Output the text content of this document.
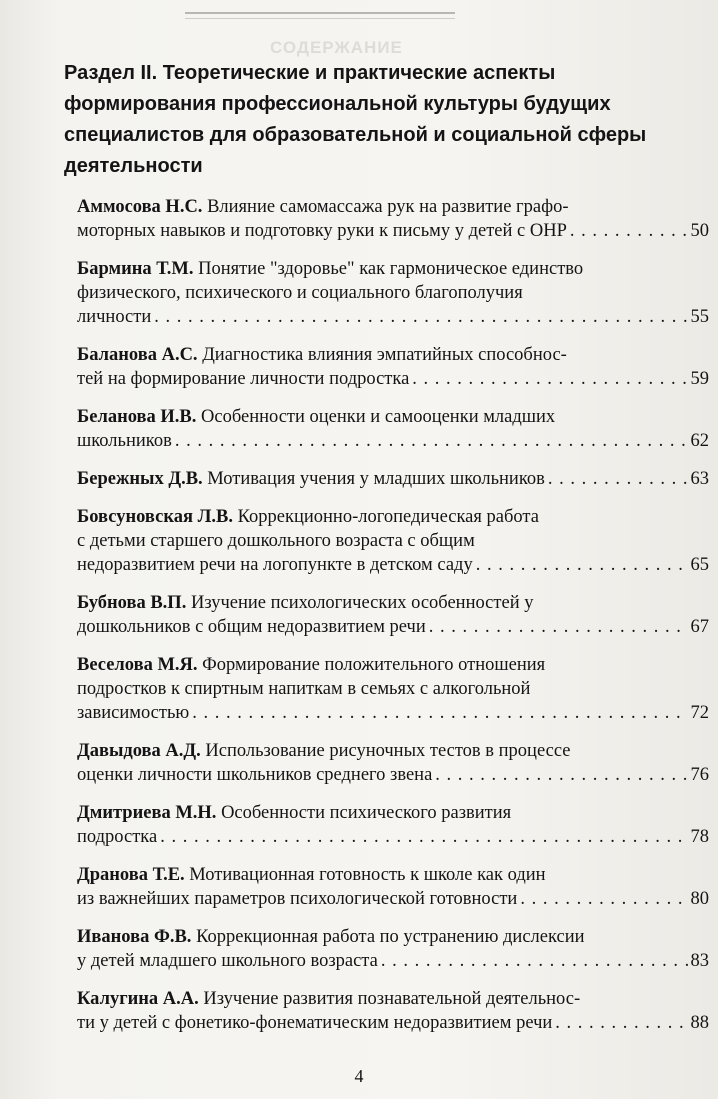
СОДЕРЖАНИЕ
Раздел II. Теоретические и практические аспекты формирования профессиональной культуры будущих специалистов для образовательной и социальной сферы деятельности
Аммосова Н.С. Влияние самомассажа рук на развитие графо-
моторных навыков и подготовку руки к письму у детей с ОНР . . .	50
Бармина Т.М. Понятие "здоровье" как гармоническое единство
физического, психического и социального благополучия
личности . . .	55
Баланова А.С. Диагностика влияния эмпатийных способнос-
тей на формирование личности подростка . . .	59
Беланова И.В. Особенности оценки и самооценки младших
школьников . . .	62
Бережных Д.В. Мотивация учения у младших школьников . . .	63
Бовсуновская Л.В. Коррекционно-логопедическая работа
с детьми старшего дошкольного возраста с общим
недоразвитием речи на логопункте в детском саду . . .	65
Бубнова В.П. Изучение психологических особенностей у
дошкольников с общим недоразвитием речи . . .	67
Веселова М.Я. Формирование положительного отношения
подростков к спиртным напиткам в семьях с алкогольной
зависимостью . . .	72
Давыдова А.Д. Использование рисуночных тестов в процессе
оценки личности школьников среднего звена . . .	76
Дмитриева М.Н. Особенности психического развития
подростка . . .	78
Дранова Т.Е. Мотивационная готовность к школе как один
из важнейших параметров психологической готовности . . .	80
Иванова Ф.В. Коррекционная работа по устранению дислексии
у детей младшего школьного возраста . . .	83
Калугина А.А. Изучение развития познавательной деятельнос-
ти у детей с фонетико-фонематическим недоразвитием речи . . .	88
4
